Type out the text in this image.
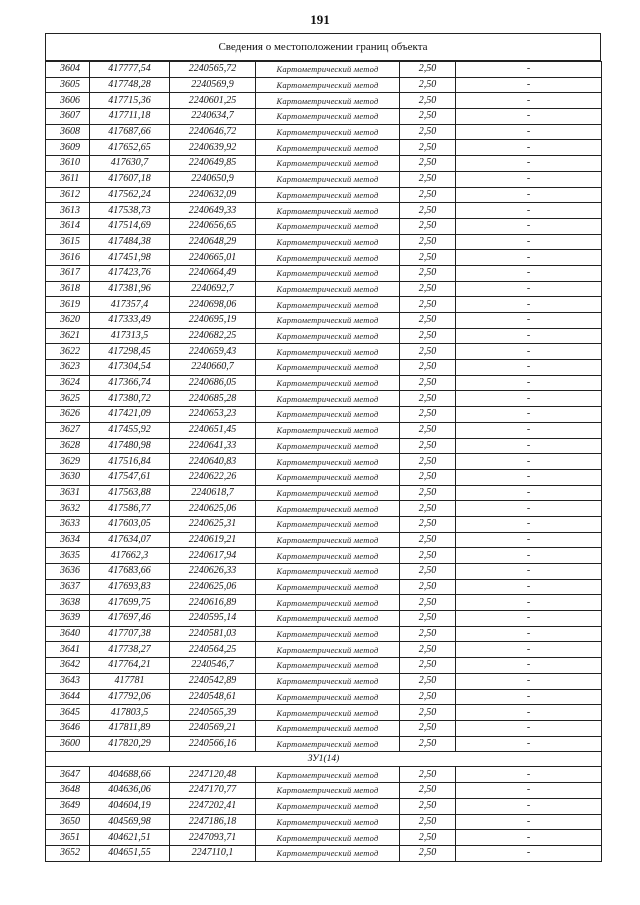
191
Сведения о местоположении границ объекта
3604	417777,54	2240565,72	Картометрический метод	2,50	-
3605	417748,28	2240569,9	Картометрический метод	2,50	-
3606	417715,36	2240601,25	Картометрический метод	2,50	-
3607	417711,18	2240634,7	Картометрический метод	2,50	-
3608	417687,66	2240646,72	Картометрический метод	2,50	-
3609	417652,65	2240639,92	Картометрический метод	2,50	-
3610	417630,7	2240649,85	Картометрический метод	2,50	-
3611	417607,18	2240650,9	Картометрический метод	2,50	-
3612	417562,24	2240632,09	Картометрический метод	2,50	-
3613	417538,73	2240649,33	Картометрический метод	2,50	-
3614	417514,69	2240656,65	Картометрический метод	2,50	-
3615	417484,38	2240648,29	Картометрический метод	2,50	-
3616	417451,98	2240665,01	Картометрический метод	2,50	-
3617	417423,76	2240664,49	Картометрический метод	2,50	-
3618	417381,96	2240692,7	Картометрический метод	2,50	-
3619	417357,4	2240698,06	Картометрический метод	2,50	-
3620	417333,49	2240695,19	Картометрический метод	2,50	-
3621	417313,5	2240682,25	Картометрический метод	2,50	-
3622	417298,45	2240659,43	Картометрический метод	2,50	-
3623	417304,54	2240660,7	Картометрический метод	2,50	-
3624	417366,74	2240686,05	Картометрический метод	2,50	-
3625	417380,72	2240685,28	Картометрический метод	2,50	-
3626	417421,09	2240653,23	Картометрический метод	2,50	-
3627	417455,92	2240651,45	Картометрический метод	2,50	-
3628	417480,98	2240641,33	Картометрический метод	2,50	-
3629	417516,84	2240640,83	Картометрический метод	2,50	-
3630	417547,61	2240622,26	Картометрический метод	2,50	-
3631	417563,88	2240618,7	Картометрический метод	2,50	-
3632	417586,77	2240625,06	Картометрический метод	2,50	-
3633	417603,05	2240625,31	Картометрический метод	2,50	-
3634	417634,07	2240619,21	Картометрический метод	2,50	-
3635	417662,3	2240617,94	Картометрический метод	2,50	-
3636	417683,66	2240626,33	Картометрический метод	2,50	-
3637	417693,83	2240625,06	Картометрический метод	2,50	-
3638	417699,75	2240616,89	Картометрический метод	2,50	-
3639	417697,46	2240595,14	Картометрический метод	2,50	-
3640	417707,38	2240581,03	Картометрический метод	2,50	-
3641	417738,27	2240564,25	Картометрический метод	2,50	-
3642	417764,21	2240546,7	Картометрический метод	2,50	-
3643	417781	2240542,89	Картометрический метод	2,50	-
3644	417792,06	2240548,61	Картометрический метод	2,50	-
3645	417803,5	2240565,39	Картометрический метод	2,50	-
3646	417811,89	2240569,21	Картометрический метод	2,50	-
3600	417820,29	2240566,16	Картометрический метод	2,50	-
ЗУ1(14)					
3647	404688,66	2247120,48	Картометрический метод	2,50	-
3648	404636,06	2247170,77	Картометрический метод	2,50	-
3649	404604,19	2247202,41	Картометрический метод	2,50	-
3650	404569,98	2247186,18	Картометрический метод	2,50	-
3651	404621,51	2247093,71	Картометрический метод	2,50	-
3652	404651,55	2247110,1	Картометрический метод	2,50	-
